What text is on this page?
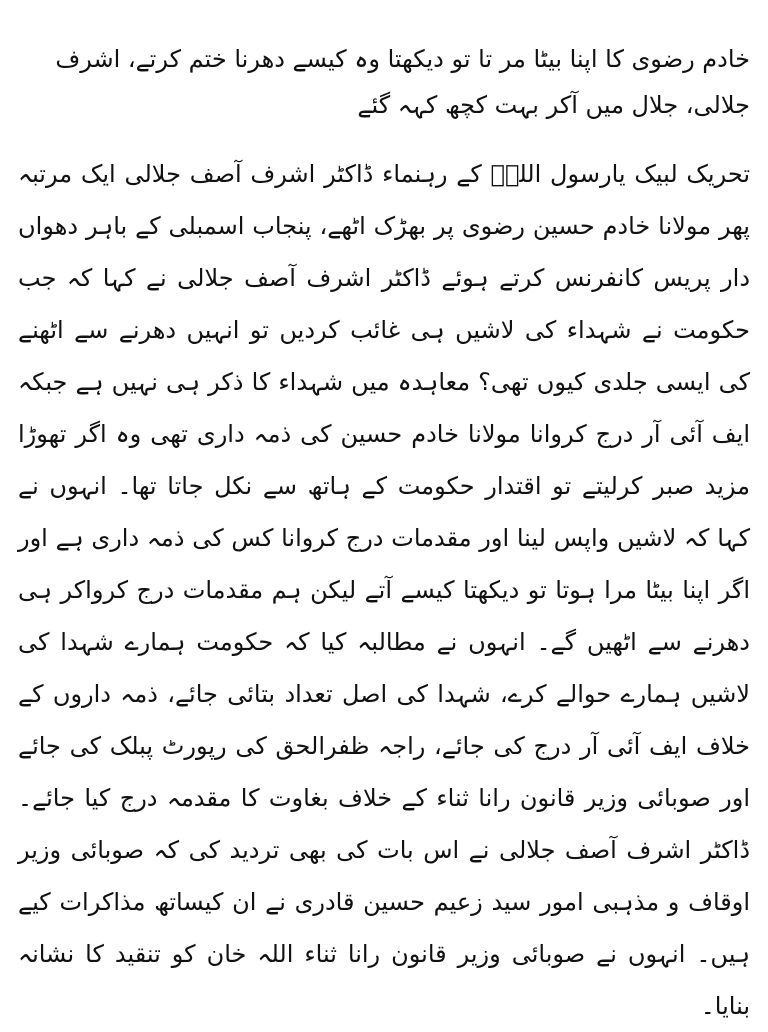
خادم رضوی کا اپنا بیٹا مر تا تو دیکھتا وہ کیسے دھرنا ختم کرتے، اشرف جلالی، جلال میں آکر بہت کچھ کہہ گئے

تحریک لبیک یارسول اللہؐ کے رہنماء ڈاکٹر اشرف آصف جلالی ایک مرتبہ پھر مولانا خادم حسین رضوی پر بھڑک اٹھے، پنجاب اسمبلی کے باہر دھواں دار پریس کانفرنس کرتے ہوئے ڈاکٹر اشرف آصف جلالی نے کہا کہ جب حکومت نے شہداء کی لاشیں ہی غائب کردیں تو انہیں دھرنے سے اٹھنے کی ایسی جلدی کیوں تھی؟ معاہدہ میں شہداء کا ذکر ہی نہیں ہے جبکہ ایف آئی آر درج کروانا مولانا خادم حسین کی ذمہ داری تھی وہ اگر تھوڑا مزید صبر کرلیتے تو اقتدار حکومت کے ہاتھ سے نکل جاتا تھا۔ انہوں نے کہا کہ لاشیں واپس لینا اور مقدمات درج کروانا کس کی ذمہ داری ہے اور اگر اپنا بیٹا مرا ہوتا تو دیکھتا کیسے آتے لیکن ہم مقدمات درج کرواکر ہی دھرنے سے اٹھیں گے۔ انہوں نے مطالبہ کیا کہ حکومت ہمارے شہدا کی لاشیں ہمارے حوالے کرے، شہدا کی اصل تعداد بتائی جائے، ذمہ داروں کے خلاف ایف آئی آر درج کی جائے، راجہ ظفرالحق کی رپورٹ پبلک کی جائے اور صوبائی وزیر قانون رانا ثناء کے خلاف بغاوت کا مقدمہ درج کیا جائے۔ ڈاکٹر اشرف آصف جلالی نے اس بات کی بھی تردید کی کہ صوبائی وزیر اوقاف و مذہبی امور سید زعیم حسین قادری نے ان کیساتھ مذاکرات کیے ہیں۔ انہوں نے صوبائی وزیر قانون رانا ثناء اللہ خان کو تنقید کا نشانہ بنایا۔
